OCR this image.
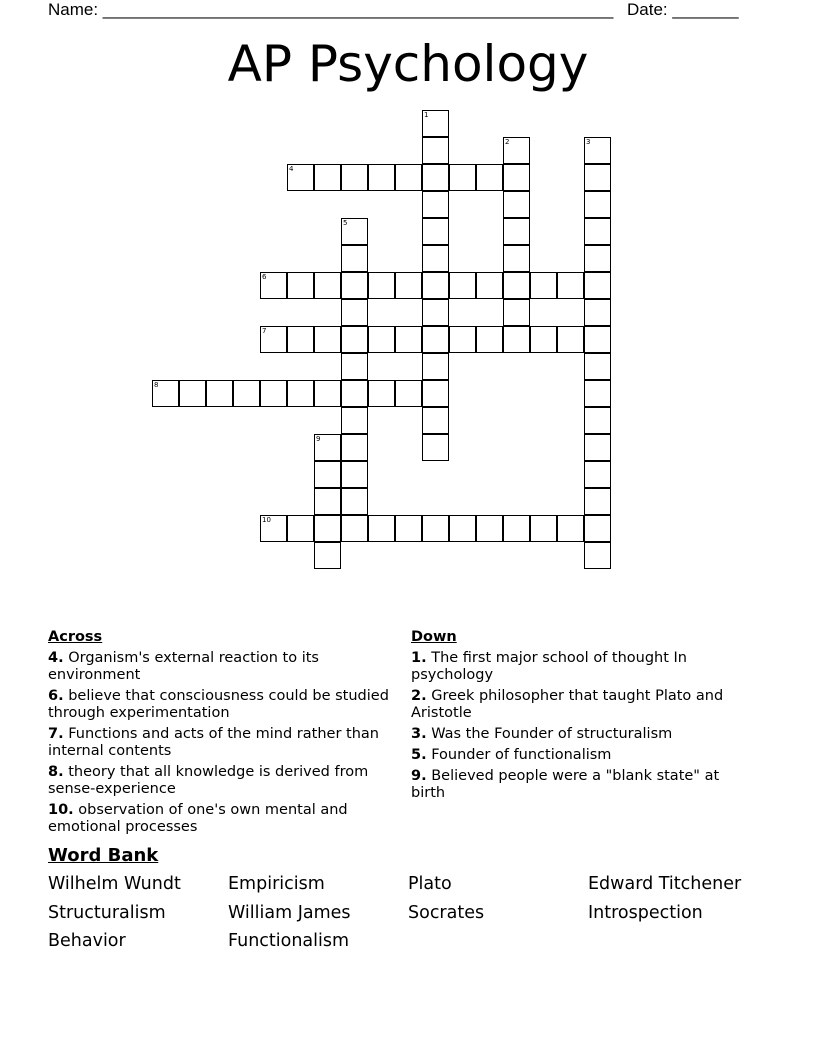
Name: ______________________________________________________ Date: _______
AP Psychology
1
2	3
4
5
6
7
8
9
10
Across
4. Organism's external reaction to its environment
6. believe that consciousness could be studied through experimentation
7. Functions and acts of the mind rather than internal contents
8. theory that all knowledge is derived from sense-experience
10. observation of one's own mental and emotional processes
Down
1. The first major school of thought In psychology
2. Greek philosopher that taught Plato and Aristotle
3. Was the Founder of structuralism
5. Founder of functionalism
9. Believed people were a "blank state" at birth
Word Bank
Wilhelm Wundt	Empiricism	Plato	Edward Titchener
Structuralism	William James	Socrates	Introspection
Behavior	Functionalism
